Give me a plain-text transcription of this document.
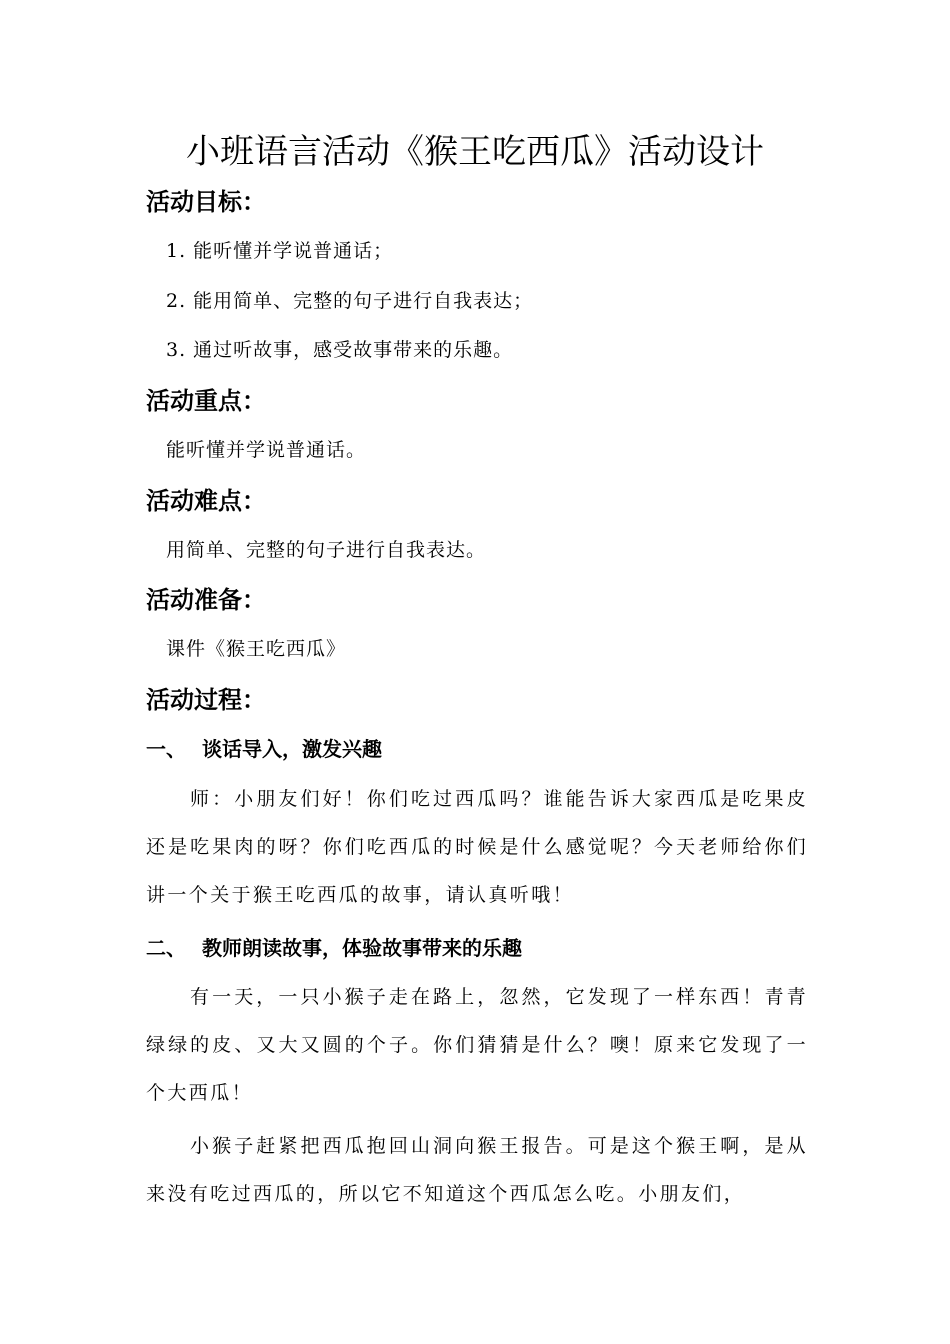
小班语言活动《猴王吃西瓜》活动设计
活动目标：
1. 能听懂并学说普通话；
2. 能用简单、完整的句子进行自我表达；
3. 通过听故事，感受故事带来的乐趣。
活动重点：
能听懂并学说普通话。
活动难点：
用简单、完整的句子进行自我表达。
活动准备：
课件《猴王吃西瓜》
活动过程：
一、 谈话导入，激发兴趣
师：小朋友们好！你们吃过西瓜吗？谁能告诉大家西瓜是吃果皮还是吃果肉的呀？你们吃西瓜的时候是什么感觉呢？今天老师给你们讲一个关于猴王吃西瓜的故事，请认真听哦！
二、 教师朗读故事，体验故事带来的乐趣
有一天，一只小猴子走在路上，忽然，它发现了一样东西！青青绿绿的皮、又大又圆的个子。你们猜猜是什么？噢！原来它发现了一个大西瓜！
小猴子赶紧把西瓜抱回山洞向猴王报告。可是这个猴王啊，是从来没有吃过西瓜的，所以它不知道这个西瓜怎么吃。小朋友们，
